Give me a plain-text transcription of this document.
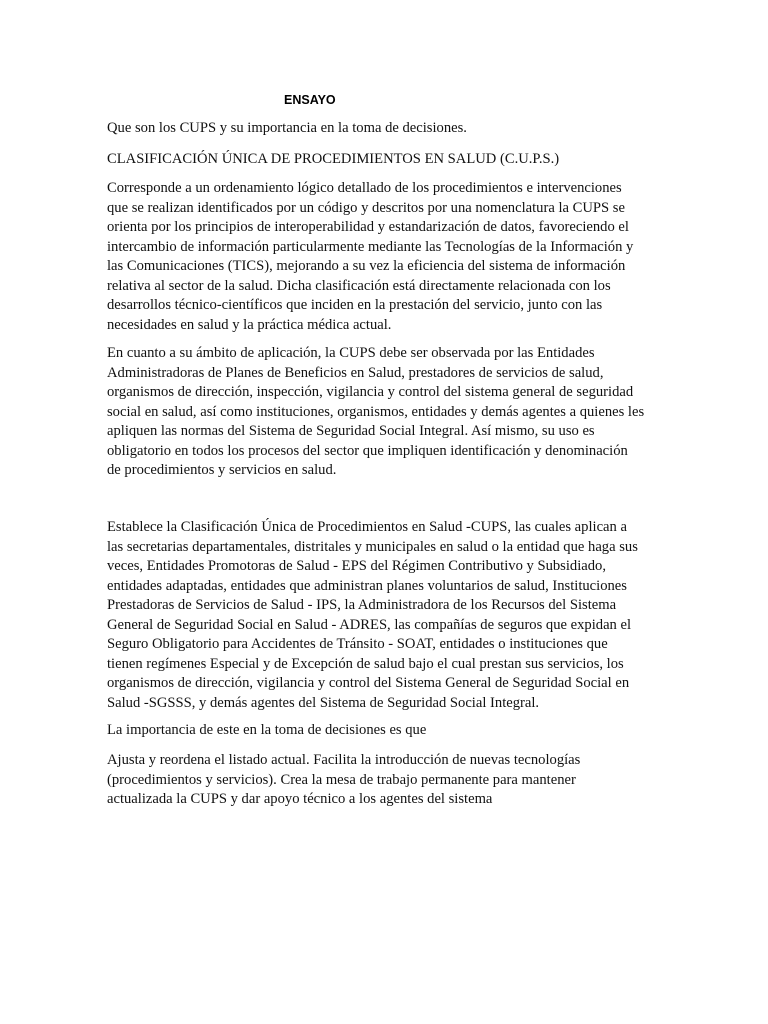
ENSAYO
Que son los CUPS y su importancia en la toma de decisiones.
CLASIFICACIÓN ÚNICA DE PROCEDIMIENTOS EN SALUD (C.U.P.S.)
Corresponde a un ordenamiento lógico detallado de los procedimientos e intervenciones
que se realizan identificados por un código y descritos por una nomenclatura la CUPS se
orienta por los principios de interoperabilidad y estandarización de datos, favoreciendo el
intercambio de información particularmente mediante las Tecnologías de la Información y
las Comunicaciones (TICS), mejorando a su vez la eficiencia del sistema de información
relativa al sector de la salud. Dicha clasificación está directamente relacionada con los
desarrollos técnico-científicos que inciden en la prestación del servicio, junto con las
necesidades en salud y la práctica médica actual.
En cuanto a su ámbito de aplicación, la CUPS debe ser observada por las Entidades
Administradoras de Planes de Beneficios en Salud, prestadores de servicios de salud,
organismos de dirección, inspección, vigilancia y control del sistema general de seguridad
social en salud, así como instituciones, organismos, entidades y demás agentes a quienes les
apliquen las normas del Sistema de Seguridad Social Integral. Así mismo, su uso es
obligatorio en todos los procesos del sector que impliquen identificación y denominación
de procedimientos y servicios en salud.
Establece la Clasificación Única de Procedimientos en Salud -CUPS, las cuales aplican a
las secretarias departamentales, distritales y municipales en salud o la entidad que haga sus
veces, Entidades Promotoras de Salud - EPS del Régimen Contributivo y Subsidiado,
entidades adaptadas, entidades que administran planes voluntarios de salud, Instituciones
Prestadoras de Servicios de Salud - IPS, la Administradora de los Recursos del Sistema
General de Seguridad Social en Salud - ADRES, las compañías de seguros que expidan el
Seguro Obligatorio para Accidentes de Tránsito - SOAT, entidades o instituciones que
tienen regímenes Especial y de Excepción de salud bajo el cual prestan sus servicios, los
organismos de dirección, vigilancia y control del Sistema General de Seguridad Social en
Salud -SGSSS, y demás agentes del Sistema de Seguridad Social Integral.
La importancia de este en la toma de decisiones es que
Ajusta y reordena el listado actual. Facilita la introducción de nuevas tecnologías
(procedimientos y servicios). Crea la mesa de trabajo permanente para mantener
actualizada la CUPS y dar apoyo técnico a los agentes del sistema
